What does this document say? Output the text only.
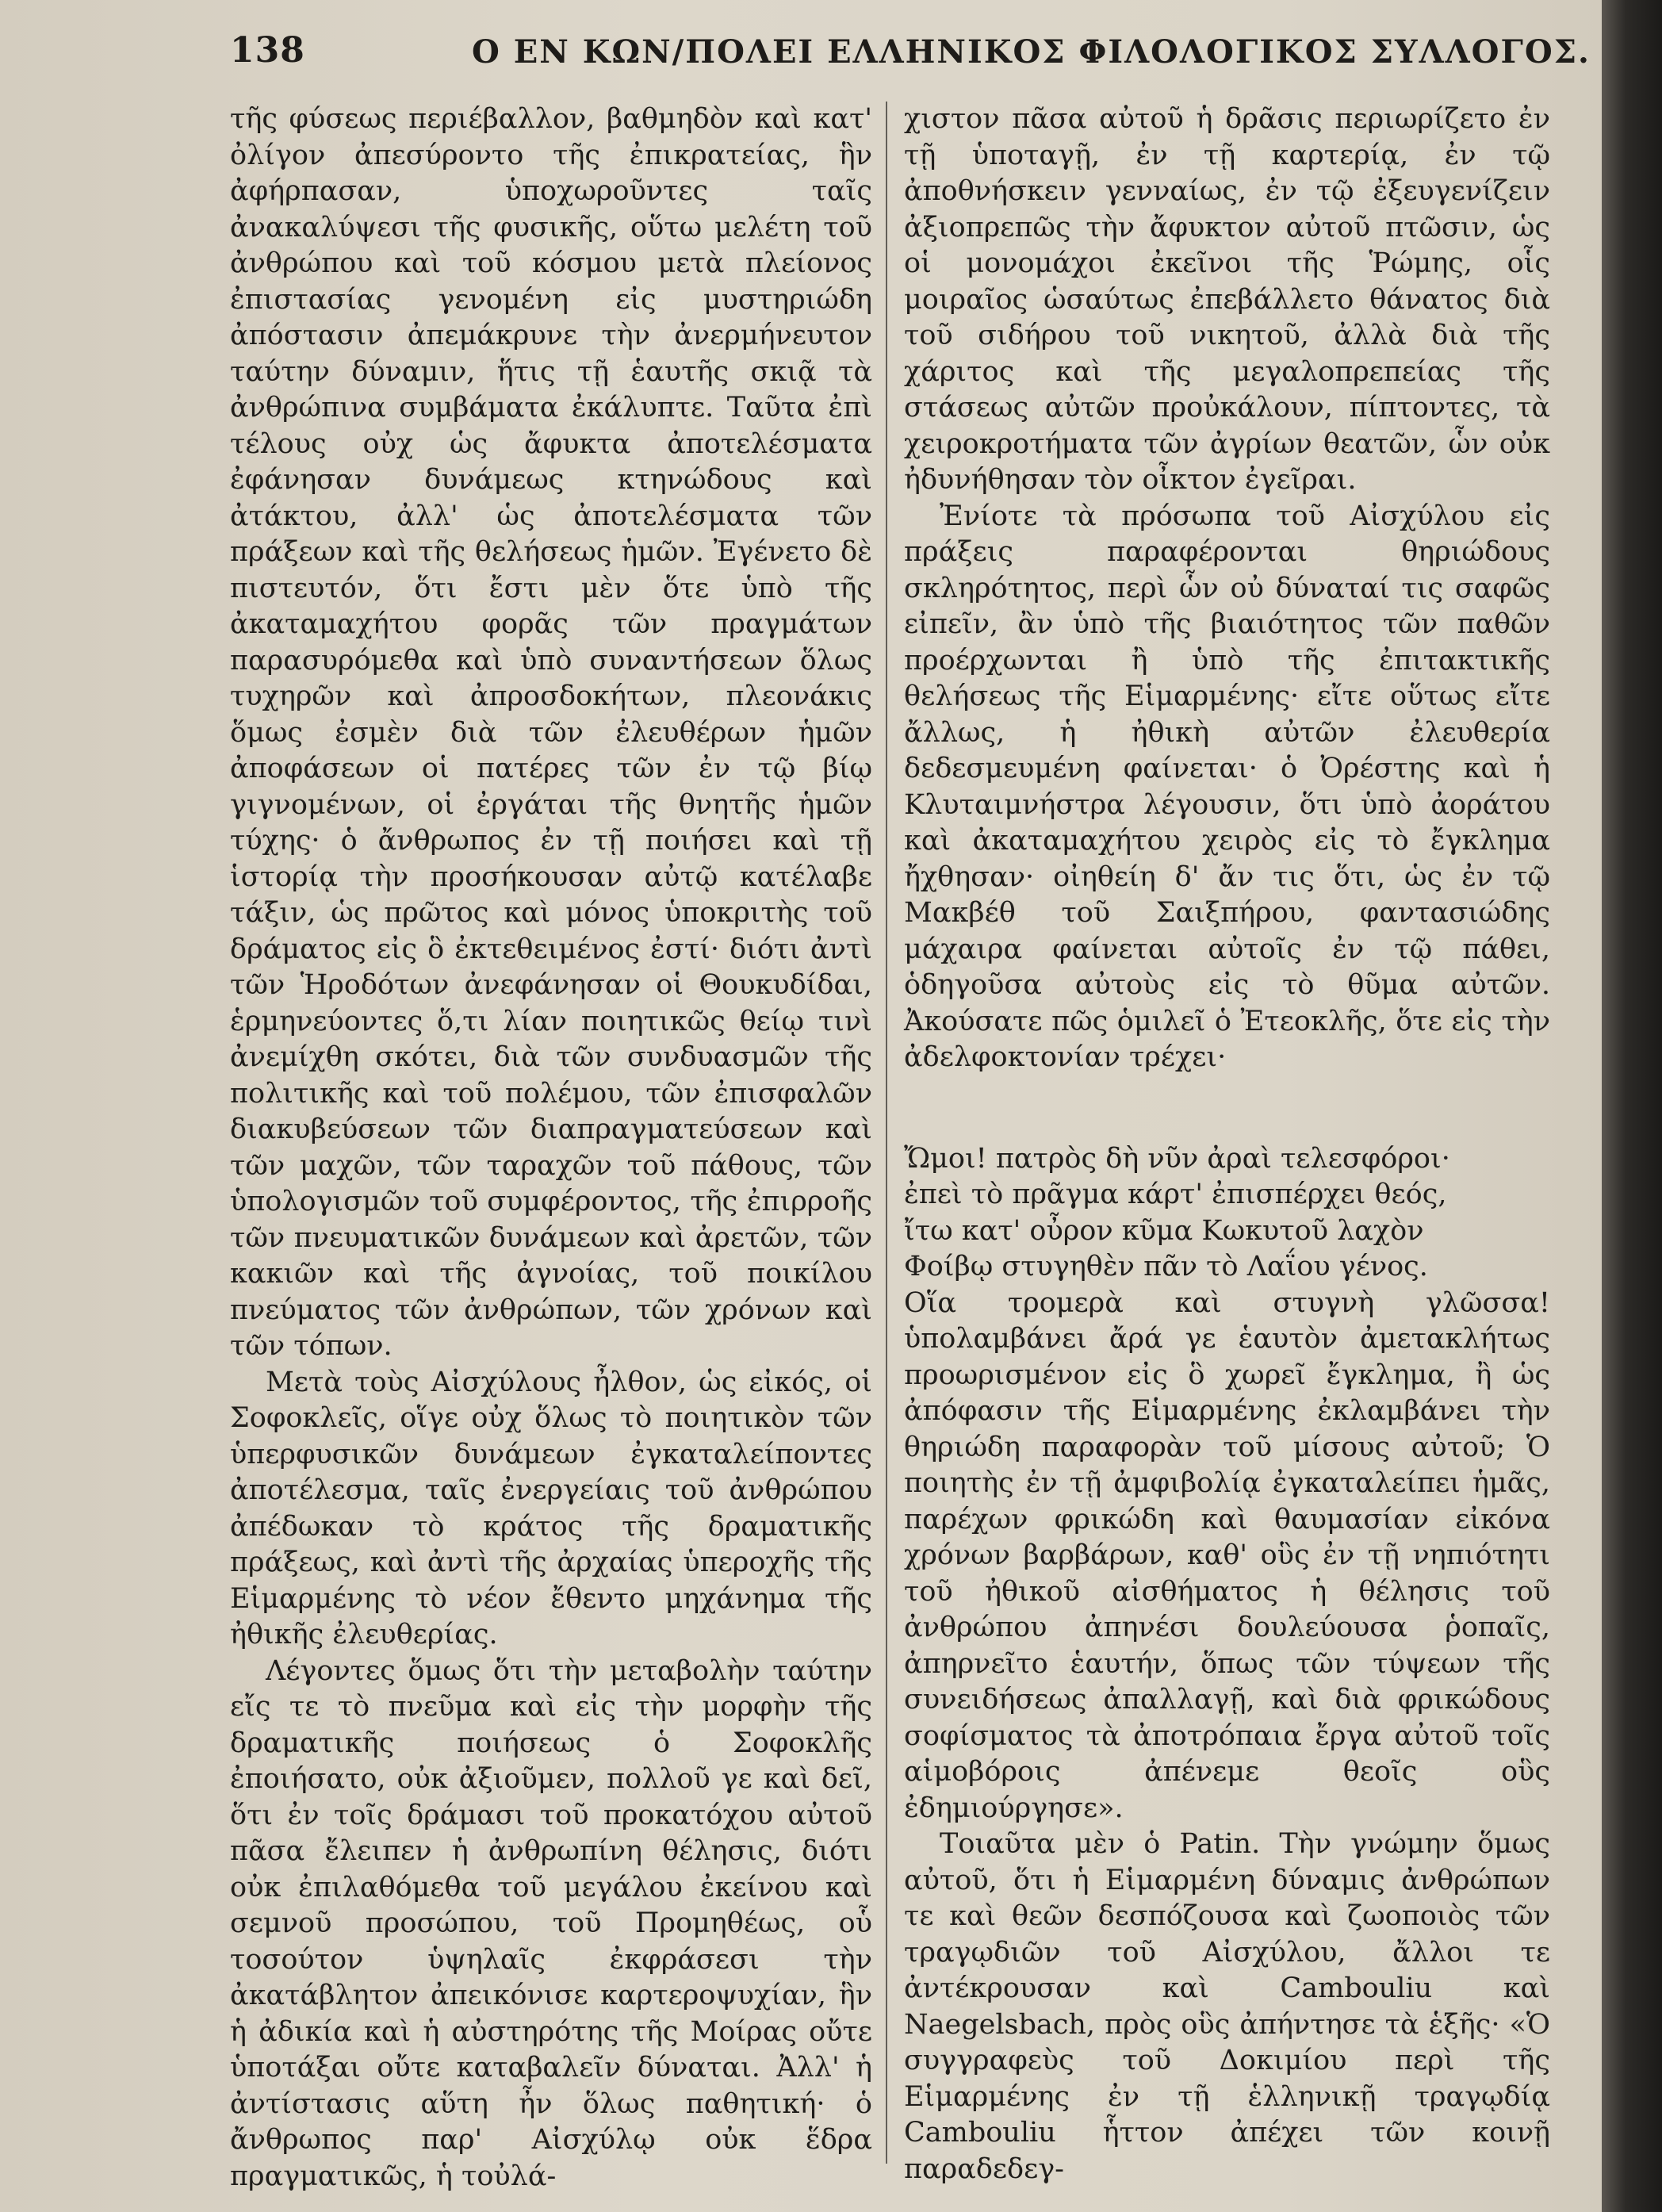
138	Ο ΕΝ ΚΩΝ/ΠΟΛΕΙ ΕΛΛΗΝΙΚΟΣ ΦΙΛΟΛΟΓΙΚΟΣ ΣΥΛΛΟΓΟΣ.

τῆς φύσεως περιέβαλλον, βαθμηδὸν καὶ κατ' ὀλίγον ἀπεσύροντο τῆς ἐπικρατείας, ἣν ἀφήρπασαν, ὑποχωροῦντες ταῖς ἀνακαλύψεσι τῆς φυσικῆς, οὕτω μελέτη τοῦ ἀνθρώπου καὶ τοῦ κόσμου μετὰ πλείονος ἐπιστασίας γενομένη εἰς μυστηριώδη ἀπόστασιν ἀπεμάκρυνε τὴν ἀνερμήνευτον ταύτην δύναμιν, ἥτις τῇ ἑαυτῆς σκιᾷ τὰ ἀνθρώπινα συμβάματα ἐκάλυπτε. Ταῦτα ἐπὶ τέλους οὐχ ὡς ἄφυκτα ἀποτελέσματα ἐφάνησαν δυνάμεως κτηνώδους καὶ ἀτάκτου, ἀλλ' ὡς ἀποτελέσματα τῶν πράξεων καὶ τῆς θελήσεως ἡμῶν. Ἐγένετο δὲ πιστευτόν, ὅτι ἔστι μὲν ὅτε ὑπὸ τῆς ἀκαταμαχήτου φορᾶς τῶν πραγμάτων παρασυρόμεθα καὶ ὑπὸ συναντήσεων ὅλως τυχηρῶν καὶ ἀπροσδοκήτων, πλεονάκις ὅμως ἐσμὲν διὰ τῶν ἐλευθέρων ἡμῶν ἀποφάσεων οἱ πατέρες τῶν ἐν τῷ βίῳ γιγνομένων, οἱ ἐργάται τῆς θνητῆς ἡμῶν τύχης· ὁ ἄνθρωπος ἐν τῇ ποιήσει καὶ τῇ ἱστορίᾳ τὴν προσήκουσαν αὐτῷ κατέλαβε τάξιν, ὡς πρῶτος καὶ μόνος ὑποκριτὴς τοῦ δράματος εἰς ὃ ἐκτεθειμένος ἐστί· διότι ἀντὶ τῶν Ἡροδότων ἀνεφάνησαν οἱ Θουκυδίδαι, ἑρμηνεύοντες ὅ,τι λίαν ποιητικῶς θείῳ τινὶ ἀνεμίχθη σκότει, διὰ τῶν συνδυασμῶν τῆς πολιτικῆς καὶ τοῦ πολέμου, τῶν ἐπισφαλῶν διακυβεύσεων τῶν διαπραγματεύσεων καὶ τῶν μαχῶν, τῶν ταραχῶν τοῦ πάθους, τῶν ὑπολογισμῶν τοῦ συμφέροντος, τῆς ἐπιρροῆς τῶν πνευματικῶν δυνάμεων καὶ ἀρετῶν, τῶν κακιῶν καὶ τῆς ἀγνοίας, τοῦ ποικίλου πνεύματος τῶν ἀνθρώπων, τῶν χρόνων καὶ τῶν τόπων.

Μετὰ τοὺς Αἰσχύλους ἦλθον, ὡς εἰκός, οἱ Σοφοκλεῖς, οἵγε οὐχ ὅλως τὸ ποιητικὸν τῶν ὑπερφυσικῶν δυνάμεων ἐγκαταλείποντες ἀποτέλεσμα, ταῖς ἐνεργείαις τοῦ ἀνθρώπου ἀπέδωκαν τὸ κράτος τῆς δραματικῆς πράξεως, καὶ ἀντὶ τῆς ἀρχαίας ὑπεροχῆς τῆς Εἱμαρμένης τὸ νέον ἔθεντο μηχάνημα τῆς ἠθικῆς ἐλευθερίας.

Λέγοντες ὅμως ὅτι τὴν μεταβολὴν ταύτην εἴς τε τὸ πνεῦμα καὶ εἰς τὴν μορφὴν τῆς δραματικῆς ποιήσεως ὁ Σοφοκλῆς ἐποιήσατο, οὐκ ἀξιοῦμεν, πολλοῦ γε καὶ δεῖ, ὅτι ἐν τοῖς δράμασι τοῦ προκατόχου αὐτοῦ πᾶσα ἔλειπεν ἡ ἀνθρωπίνη θέλησις, διότι οὐκ ἐπιλαθόμεθα τοῦ μεγάλου ἐκείνου καὶ σεμνοῦ προσώπου, τοῦ Προμηθέως, οὗ τοσούτον ὑψηλαῖς ἐκφράσεσι τὴν ἀκατάβλητον ἀπεικόνισε καρτεροψυχίαν, ἣν ἡ ἀδικία καὶ ἡ αὐστηρότης τῆς Μοίρας οὔτε ὑποτάξαι οὔτε καταβαλεῖν δύναται. Ἀλλ' ἡ ἀντίστασις αὕτη ἦν ὅλως παθητική· ὁ ἄνθρωπος παρ' Αἰσχύλῳ οὐκ ἕδρα πραγματικῶς, ἡ τοὐλά-

χιστον πᾶσα αὐτοῦ ἡ δρᾶσις περιωρίζετο ἐν τῇ ὑποταγῇ, ἐν τῇ καρτερίᾳ, ἐν τῷ ἀποθνήσκειν γενναίως, ἐν τῷ ἐξευγενίζειν ἀξιοπρεπῶς τὴν ἄφυκτον αὐτοῦ πτῶσιν, ὡς οἱ μονομάχοι ἐκεῖνοι τῆς Ῥώμης, οἷς μοιραῖος ὡσαύτως ἐπεβάλλετο θάνατος διὰ τοῦ σιδήρου τοῦ νικητοῦ, ἀλλὰ διὰ τῆς χάριτος καὶ τῆς μεγαλοπρεπείας τῆς στάσεως αὐτῶν προὐκάλουν, πίπτοντες, τὰ χειροκροτήματα τῶν ἀγρίων θεατῶν, ὧν οὐκ ἠδυνήθησαν τὸν οἶκτον ἐγεῖραι.

Ἐνίοτε τὰ πρόσωπα τοῦ Αἰσχύλου εἰς πράξεις παραφέρονται θηριώδους σκληρότητος, περὶ ὧν οὐ δύναταί τις σαφῶς εἰπεῖν, ἂν ὑπὸ τῆς βιαιότητος τῶν παθῶν προέρχωνται ἢ ὑπὸ τῆς ἐπιτακτικῆς θελήσεως τῆς Εἱμαρμένης· εἴτε οὕτως εἴτε ἄλλως, ἡ ἠθικὴ αὐτῶν ἐλευθερία δεδεσμευμένη φαίνεται· ὁ Ὀρέστης καὶ ἡ Κλυταιμνήστρα λέγουσιν, ὅτι ὑπὸ ἀοράτου καὶ ἀκαταμαχήτου χειρὸς εἰς τὸ ἔγκλημα ἤχθησαν· οἰηθείη δ' ἄν τις ὅτι, ὡς ἐν τῷ Μακβέθ τοῦ Σαιξπήρου, φαντασιώδης μάχαιρα φαίνεται αὐτοῖς ἐν τῷ πάθει, ὁδηγοῦσα αὐτοὺς εἰς τὸ θῦμα αὐτῶν. Ἀκούσατε πῶς ὁμιλεῖ ὁ Ἐτεοκλῆς, ὅτε εἰς τὴν ἀδελφοκτονίαν τρέχει·

Ὤμοι! πατρὸς δὴ νῦν ἀραὶ τελεσφόροι·
ἐπεὶ τὸ πρᾶγμα κάρτ' ἐπισπέρχει θεός,
ἴτω κατ' οὖρον κῦμα Κωκυτοῦ λαχὸν
Φοίβῳ στυγηθὲν πᾶν τὸ Λαΐου γένος.

Οἵα τρομερὰ καὶ στυγνὴ γλῶσσα! ὑπολαμβάνει ἄρά γε ἑαυτὸν ἀμετακλήτως προωρισμένον εἰς ὃ χωρεῖ ἔγκλημα, ἢ ὡς ἀπόφασιν τῆς Εἱμαρμένης ἐκλαμβάνει τὴν θηριώδη παραφορὰν τοῦ μίσους αὐτοῦ; Ὁ ποιητὴς ἐν τῇ ἀμφιβολίᾳ ἐγκαταλείπει ἡμᾶς, παρέχων φρικώδη καὶ θαυμασίαν εἰκόνα χρόνων βαρβάρων, καθ' οὓς ἐν τῇ νηπιότητι τοῦ ἠθικοῦ αἰσθήματος ἡ θέλησις τοῦ ἀνθρώπου ἀπηνέσι δουλεύουσα ῥοπαῖς, ἀπηρνεῖτο ἑαυτήν, ὅπως τῶν τύψεων τῆς συνειδήσεως ἀπαλλαγῇ, καὶ διὰ φρικώδους σοφίσματος τὰ ἀποτρόπαια ἔργα αὐτοῦ τοῖς αἱμοβόροις ἀπένεμε θεοῖς οὓς ἐδημιούργησε».

Τοιαῦτα μὲν ὁ Patin. Τὴν γνώμην ὅμως αὐτοῦ, ὅτι ἡ Εἱμαρμένη δύναμις ἀνθρώπων τε καὶ θεῶν δεσπόζουσα καὶ ζωοποιὸς τῶν τραγῳδιῶν τοῦ Αἰσχύλου, ἄλλοι τε ἀντέκρουσαν καὶ Cambouliu καὶ Naegelsbach, πρὸς οὓς ἀπήντησε τὰ ἑξῆς· «Ὁ συγγραφεὺς τοῦ Δοκιμίου περὶ τῆς Εἱμαρμένης ἐν τῇ ἑλληνικῇ τραγῳδίᾳ Cambouliu ἧττον ἀπέχει τῶν κοινῇ παραδεδεγ-
